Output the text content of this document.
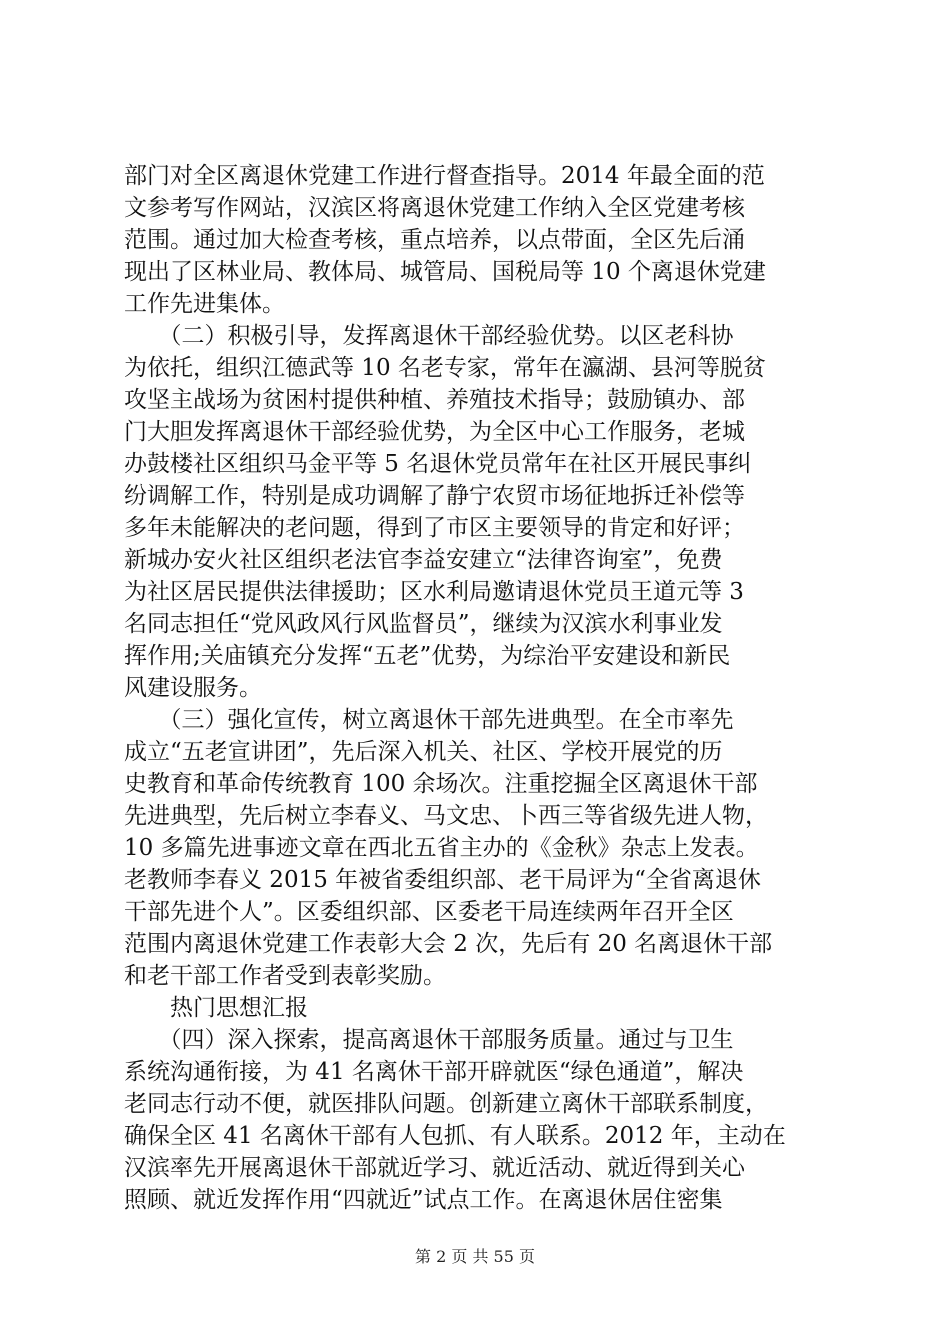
部门对全区离退休党建工作进行督查指导。2014 年最全面的范
文参考写作网站，汉滨区将离退休党建工作纳入全区党建考核
范围。通过加大检查考核，重点培养，以点带面，全区先后涌
现出了区林业局、教体局、城管局、国税局等 10 个离退休党建
工作先进集体。
　　（二）积极引导，发挥离退休干部经验优势。以区老科协
为依托，组织江德武等 10 名老专家，常年在瀛湖、县河等脱贫
攻坚主战场为贫困村提供种植、养殖技术指导；鼓励镇办、部
门大胆发挥离退休干部经验优势，为全区中心工作服务，老城
办鼓楼社区组织马金平等 5 名退休党员常年在社区开展民事纠
纷调解工作，特别是成功调解了静宁农贸市场征地拆迁补偿等
多年未能解决的老问题，得到了市区主要领导的肯定和好评；
新城办安火社区组织老法官李益安建立“法律咨询室”，免费
为社区居民提供法律援助；区水利局邀请退休党员王道元等 3
名同志担任“党风政风行风监督员”，继续为汉滨水利事业发
挥作用;关庙镇充分发挥“五老”优势，为综治平安建设和新民
风建设服务。
　　（三）强化宣传，树立离退休干部先进典型。在全市率先
成立“五老宣讲团”，先后深入机关、社区、学校开展党的历
史教育和革命传统教育 100 余场次。注重挖掘全区离退休干部
先进典型，先后树立李春义、马文忠、卜西三等省级先进人物，
10 多篇先进事迹文章在西北五省主办的《金秋》杂志上发表。
老教师李春义 2015 年被省委组织部、老干局评为“全省离退休
干部先进个人”。区委组织部、区委老干局连续两年召开全区
范围内离退休党建工作表彰大会 2 次，先后有 20 名离退休干部
和老干部工作者受到表彰奖励。
　　热门思想汇报
　　（四）深入探索，提高离退休干部服务质量。通过与卫生
系统沟通衔接，为 41 名离休干部开辟就医“绿色通道”，解决
老同志行动不便，就医排队问题。创新建立离休干部联系制度，
确保全区 41 名离休干部有人包抓、有人联系。2012 年，主动在
汉滨率先开展离退休干部就近学习、就近活动、就近得到关心
照顾、就近发挥作用“四就近”试点工作。在离退休居住密集
第 2 页 共 55 页
